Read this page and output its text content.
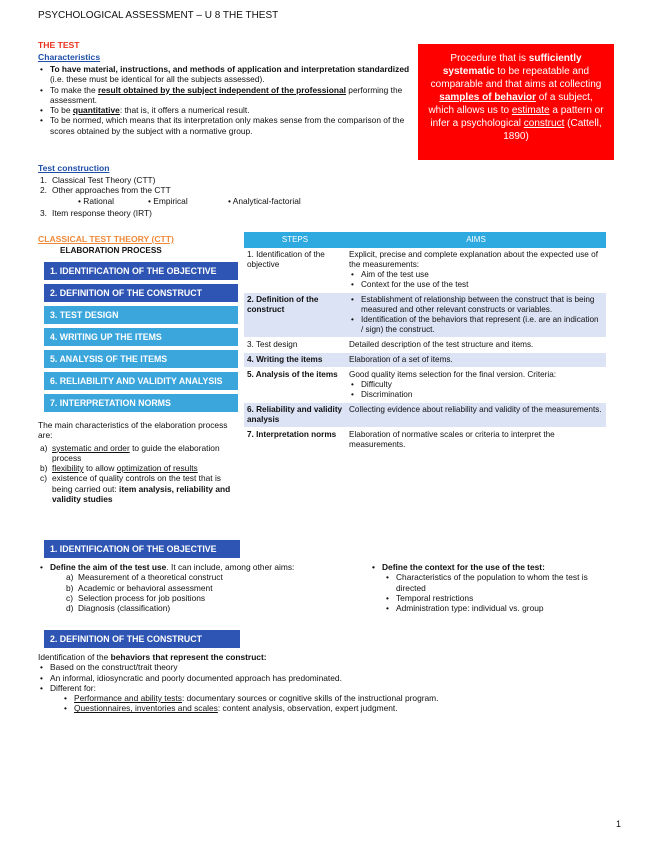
PSYCHOLOGICAL ASSESSMENT – U 8 THE THEST
THE TEST
Characteristics
• To have material, instructions, and methods of application and interpretation standardized (i.e. these must be identical for all the subjects assessed).
• To make the result obtained by the subject independent of the professional performing the assessment.
• To be quantitative: that is, it offers a numerical result.
• To be normed, which means that its interpretation only makes sense from the comparison of the scores obtained by the subject with a normative group.
Procedure that is sufficiently systematic to be repeatable and comparable and that aims at collecting samples of behavior of a subject, which allows us to estimate a pattern or infer a psychological construct (Cattell, 1890)
Test construction
1. Classical Test Theory (CTT)
2. Other approaches from the CTT
• Rational	• Empirical	• Analytical-factorial
3. Item response theory (IRT)
CLASSICAL TEST THEORY (CTT)
ELABORATION PROCESS
1. IDENTIFICATION OF THE OBJECTIVE
2. DEFINITION OF THE CONSTRUCT
3. TEST DESIGN
4. WRITING UP THE ITEMS
5. ANALYSIS OF THE ITEMS
6. RELIABILITY AND VALIDITY ANALYSIS
7. INTERPRETATION NORMS
The main characteristics of the elaboration process are:
a) systematic and order to guide the elaboration process
b) flexibility to allow optimization of results
c) existence of quality controls on the test that is being carried out: item analysis, reliability and validity studies
STEPS	AIMS
1. Identification of the objective	Explicit, precise and complete explanation about the expected use of the measurements:
• Aim of the test use
• Context for the use of the test

2. Definition of the construct	• Establishment of relationship between the construct that is being measured and other relevant constructs or variables.
• Identification of the behaviors that represent (i.e. are an indication / sign) the construct.

3. Test design	Detailed description of the test structure and items.
4. Writing the items	Elaboration of a set of items.
5. Analysis of the items	Good quality items selection for the final version. Criteria:
• Difficulty
• Discrimination

6. Reliability and validity analysis	Collecting evidence about reliability and validity of the measurements.
7. Interpretation norms	Elaboration of normative scales or criteria to interpret the measurements.
1. IDENTIFICATION OF THE OBJECTIVE
• Define the aim of the test use. It can include, among other aims:
a) Measurement of a theoretical construct
b) Academic or behavioral assessment
c) Selection process for job positions
d) Diagnosis (classification)
• Define the context for the use of the test:
• Characteristics of the population to whom the test is directed
• Temporal restrictions
• Administration type: individual vs. group
2. DEFINITION OF THE CONSTRUCT
Identification of the behaviors that represent the construct:
• Based on the construct/trait theory
• An informal, idiosyncratic and poorly documented approach has predominated.
• Different for:
• Performance and ability tests: documentary sources or cognitive skills of the instructional program.
• Questionnaires, inventories and scales: content analysis, observation, expert judgment.
1
